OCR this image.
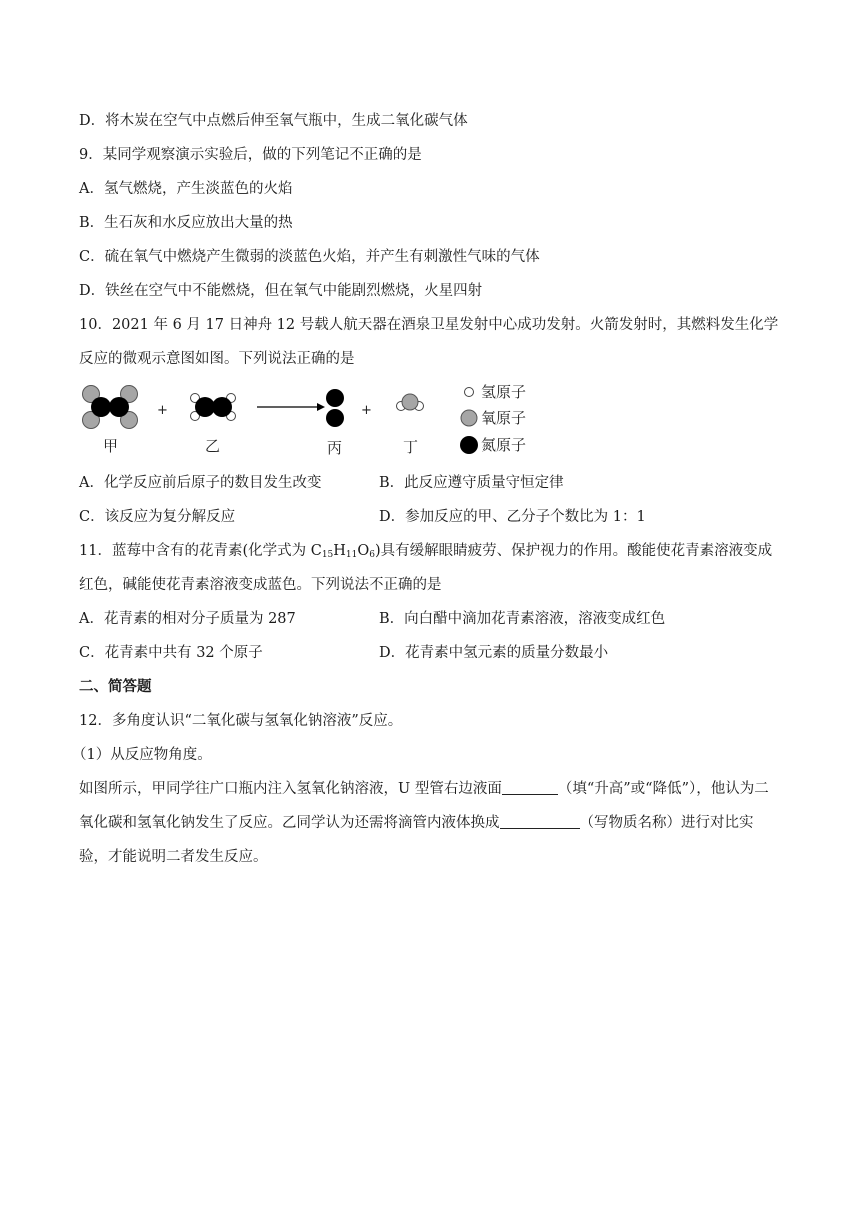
D．将木炭在空气中点燃后伸至氧气瓶中，生成二氧化碳气体
9．某同学观察演示实验后，做的下列笔记不正确的是
A．氢气燃烧，产生淡蓝色的火焰
B．生石灰和水反应放出大量的热
C．硫在氧气中燃烧产生微弱的淡蓝色火焰，并产生有刺激性气味的气体
D．铁丝在空气中不能燃烧，但在氧气中能剧烈燃烧，火星四射
10．2021 年 6 月 17 日神舟 12 号载人航天器在酒泉卫星发射中心成功发射。火箭发射时，其燃料发生化学
反应的微观示意图如图。下列说法正确的是
甲
+
乙	丙
+
丁
氢原子
氧原子
氮原子
A．化学反应前后原子的数目发生改变	B．此反应遵守质量守恒定律
C．该反应为复分解反应	D．参加反应的甲、乙分子个数比为 1：1
11．蓝莓中含有的花青素(化学式为 $C_{15}H_{11}O_6$)具有缓解眼睛疲劳、保护视力的作用。酸能使花青素溶液变成
红色，碱能使花青素溶液变成蓝色。下列说法不正确的是
A．花青素的相对分子质量为 287	B．向白醋中滴加花青素溶液，溶液变成红色
C．花青素中共有 32 个原子	D．花青素中氢元素的质量分数最小
二、简答题
12．多角度认识“二氧化碳与氢氧化钠溶液”反应。
（1）从反应物角度。
如图所示，甲同学往广口瓶内注入氢氧化钠溶液，U 型管右边液面	（填“升高”或“降低”），他认为二
氧化碳和氢氧化钠发生了反应。乙同学认为还需将滴管内液体换成	（写物质名称）进行对比实
验，才能说明二者发生反应。
